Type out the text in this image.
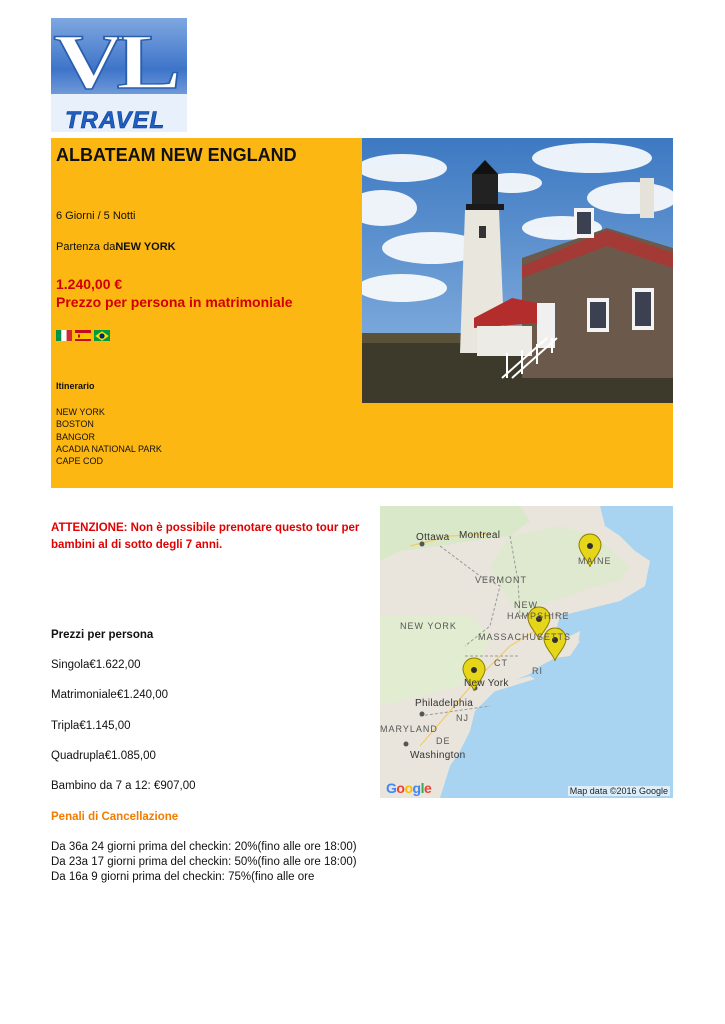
VL
TRAVEL
ALBATEAM NEW ENGLAND
6 Giorni / 5 Notti
Partenza daNEW YORK
1.240,00 €
Prezzo per persona in matrimoniale
Itinerario
NEW YORK
BOSTON
BANGOR
ACADIA NATIONAL PARK
CAPE COD
ATTENZIONE: Non è possibile prenotare questo tour per bambini al di sotto degli 7 anni.
Prezzi per persona
Singola€1.622,00
Matrimoniale€1.240,00
Tripla€1.145,00
Quadrupla€1.085,00
Bambino da 7 a 12: €907,00
Penali di Cancellazione
Da 36a 24 giorni prima del checkin: 20%(fino alle ore 18:00)
Da 23a 17 giorni prima del checkin: 50%(fino alle ore 18:00)
Da 16a 9 giorni prima del checkin: 75%(fino alle ore
Ottawa Montreal
MAINE
VERMONT
NEW
HAMPSHIRE
NEW YORK
MASSACHUSETTS
CT
RI
New York
Philadelphia
NJ
MARYLAND
DE
Washington
Google	Map data ©2016 Google
